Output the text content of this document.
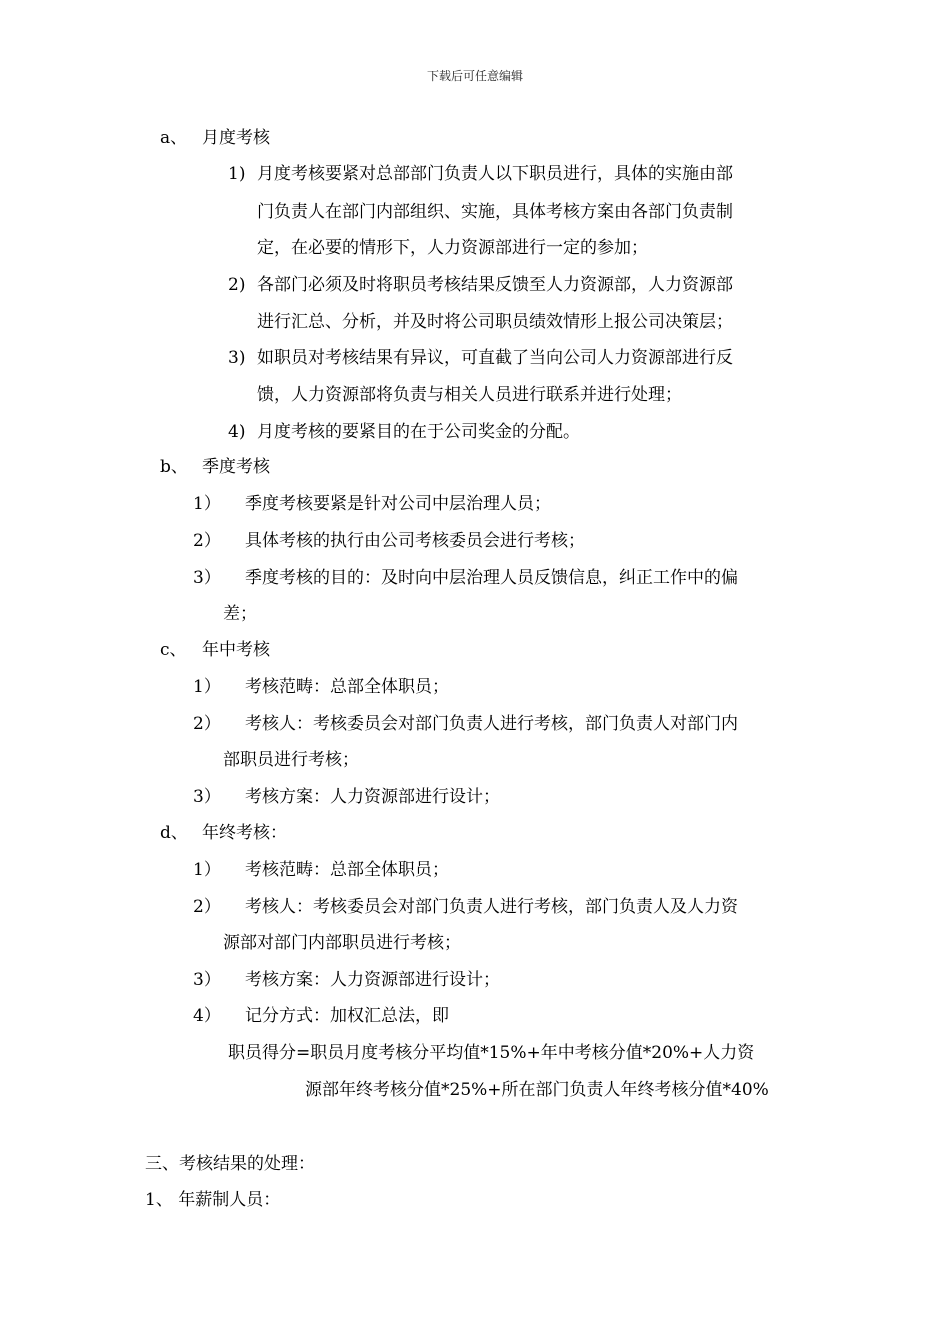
下载后可任意编辑
a、 月度考核
1) 月度考核要紧对总部部门负责人以下职员进行，具体的实施由部
门负责人在部门内部组织、实施，具体考核方案由各部门负责制
定，在必要的情形下，人力资源部进行一定的参加；
2) 各部门必须及时将职员考核结果反馈至人力资源部，人力资源部
进行汇总、分析，并及时将公司职员绩效情形上报公司决策层；
3) 如职员对考核结果有异议，可直截了当向公司人力资源部进行反
馈，人力资源部将负责与相关人员进行联系并进行处理；
4) 月度考核的要紧目的在于公司奖金的分配。
b、 季度考核
1） 季度考核要紧是针对公司中层治理人员；
2） 具体考核的执行由公司考核委员会进行考核；
3） 季度考核的目的：及时向中层治理人员反馈信息，纠正工作中的偏
差；
c、 年中考核
1） 考核范畴：总部全体职员；
2） 考核人：考核委员会对部门负责人进行考核，部门负责人对部门内
部职员进行考核；
3） 考核方案：人力资源部进行设计；
d、 年终考核：
1） 考核范畴：总部全体职员；
2） 考核人：考核委员会对部门负责人进行考核，部门负责人及人力资
源部对部门内部职员进行考核；
3） 考核方案：人力资源部进行设计；
4） 记分方式：加权汇总法，即
职员得分=职员月度考核分平均值*15%+年中考核分值*20%+人力资
源部年终考核分值*25%+所在部门负责人年终考核分值*40%
三、考核结果的处理：
1、 年薪制人员：
